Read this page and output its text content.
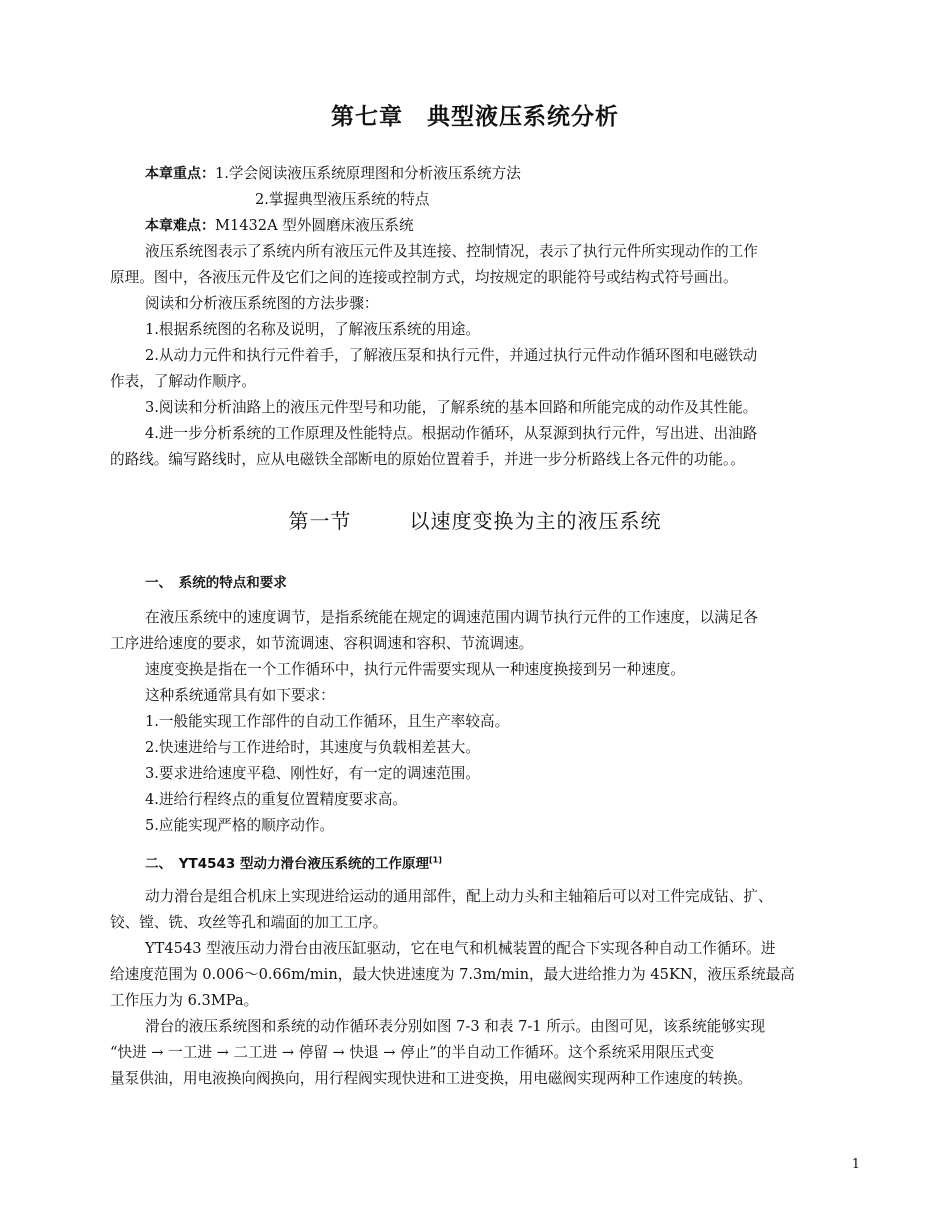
第七章　典型液压系统分析
本章重点：1.学会阅读液压系统原理图和分析液压系统方法
2.掌握典型液压系统的特点
本章难点：M1432A 型外圆磨床液压系统
液压系统图表示了系统内所有液压元件及其连接、控制情况，表示了执行元件所实现动作的工作
原理。图中，各液压元件及它们之间的连接或控制方式，均按规定的职能符号或结构式符号画出。
阅读和分析液压系统图的方法步骤：
1.根据系统图的名称及说明，了解液压系统的用途。
2.从动力元件和执行元件着手，了解液压泵和执行元件，并通过执行元件动作循环图和电磁铁动
作表，了解动作顺序。
3.阅读和分析油路上的液压元件型号和功能，了解系统的基本回路和所能完成的动作及其性能。
4.进一步分析系统的工作原理及性能特点。根据动作循环，从泵源到执行元件，写出进、出油路
的路线。编写路线时，应从电磁铁全部断电的原始位置着手，并进一步分析路线上各元件的功能。。
第一节	以速度变换为主的液压系统
一、　系统的特点和要求
在液压系统中的速度调节，是指系统能在规定的调速范围内调节执行元件的工作速度，以满足各
工序进给速度的要求，如节流调速、容积调速和容积、节流调速。
速度变换是指在一个工作循环中，执行元件需要实现从一种速度换接到另一种速度。
这种系统通常具有如下要求：
1.一般能实现工作部件的自动工作循环，且生产率较高。
2.快速进给与工作进给时，其速度与负载相差甚大。
3.要求进给速度平稳、刚性好，有一定的调速范围。
4.进给行程终点的重复位置精度要求高。
5.应能实现严格的顺序动作。
二、　YT4543 型动力滑台液压系统的工作原理[1]
动力滑台是组合机床上实现进给运动的通用部件，配上动力头和主轴箱后可以对工件完成钻、扩、
铰、镗、铣、攻丝等孔和端面的加工工序。
YT4543 型液压动力滑台由液压缸驱动，它在电气和机械装置的配合下实现各种自动工作循环。进
给速度范围为 0.006～0.66m/min，最大快进速度为 7.3m/min，最大进给推力为 45KN，液压系统最高
工作压力为 6.3MPa。
滑台的液压系统图和系统的动作循环表分别如图 7-3 和表 7-1 所示。由图可见，该系统能够实现
“快进 → 一工进 → 二工进 → 停留 → 快退 → 停止”的半自动工作循环。这个系统采用限压式变
量泵供油，用电液换向阀换向，用行程阀实现快进和工进变换，用电磁阀实现两种工作速度的转换。
1
